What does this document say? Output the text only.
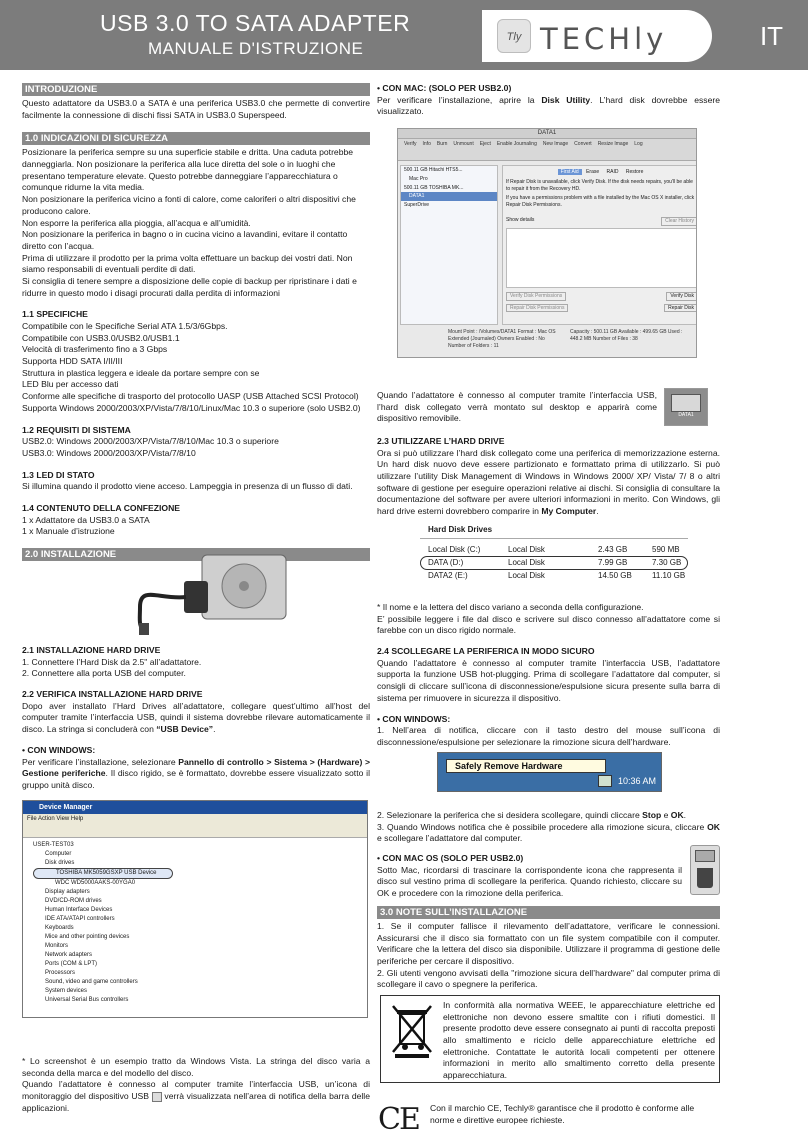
USB 3.0 TO SATA ADAPTER
MANUALE D'ISTRUZIONE
Tly TECHly	IT
INTRODUZIONE
Questo adattatore da USB3.0 a SATA è una periferica USB3.0 che permette di convertire facilmente la connessione di dischi fissi SATA in USB3.0 Superspeed.
1.0 INDICAZIONI DI SICUREZZA
Posizionare la periferica sempre su una superficie stabile e dritta. Una caduta potrebbe danneggiarla. Non posizionare la periferica alla luce diretta del sole o in luoghi che presentano temperature elevate. Questo potrebbe danneggiare l’apparecchiatura o comunque ridurne la vita media.
Non posizionare la periferica vicino a fonti di calore, come caloriferi o altri dispositivi che producono calore.
Non esporre la periferica alla pioggia, all’acqua e all’umidità.
Non posizionare la periferica in bagno o in cucina vicino a lavandini, evitare il contatto diretto con l’acqua.
Prima di utilizzare il prodotto per la prima volta effettuare un backup dei vostri dati. Non siamo responsabili di eventuali perdite di dati.
Si consiglia di tenere sempre a disposizione delle copie di backup per ripristinare i dati e ridurre in questo modo i disagi procurati dalla perdita di informazioni
1.1 SPECIFICHE
Compatibile con le Specifiche Serial ATA 1.5/3/6Gbps.
Compatibile con USB3.0/USB2.0/USB1.1
Velocità di trasferimento fino a 3 Gbps
Supporta HDD SATA I/II/III
Struttura in plastica leggera e ideale da portare sempre con se
LED Blu per accesso dati
Conforme alle specifiche di trasporto del protocollo UASP (USB Attached SCSI Protocol)
Supporta Windows 2000/2003/XP/Vista/7/8/10/Linux/Mac 10.3 o superiore (solo USB2.0)
1.2 REQUISITI DI SISTEMA
USB2.0: Windows 2000/2003/XP/Vista/7/8/10/Mac 10.3 o superiore
USB3.0: Windows 2000/2003/XP/Vista/7/8/10
1.3 LED DI STATO
Si illumina quando il prodotto viene acceso. Lampeggia in presenza di un flusso di dati.
1.4 CONTENUTO DELLA CONFEZIONE
1 x Adattatore da USB3.0 a SATA
1 x Manuale d’istruzione
2.0 INSTALLAZIONE
2.1 INSTALLAZIONE HARD DRIVE
1. Connettere l’Hard Disk da 2.5" all’adattatore.
2. Connettere alla porta USB del computer.
2.2 VERIFICA INSTALLAZIONE HARD DRIVE
Dopo aver installato l’Hard Drives all’adattatore, collegare quest’ultimo all’host del computer tramite l’interfaccia USB, quindi il sistema dovrebbe rilevare automaticamente il disco. La stringa si concluderà con “USB Device”.
• CON WINDOWS:
Per verificare l’installazione, selezionare Pannello di controllo > Sistema > (Hardware) > Gestione periferiche. Il disco rigido, se è formattato, dovrebbe essere visualizzato sotto il gruppo unità disco.
Device Manager
File Action View Help
USER-TEST03
Computer
Disk drives
TOSHIBA MK5059GSXP USB Device
WDC WD5000AAKS-00YGA0
Display adapters
DVD/CD-ROM drives
Human Interface Devices
IDE ATA/ATAPI controllers
Keyboards
Mice and other pointing devices
Monitors
Network adapters
Ports (COM & LPT)
Processors
Sound, video and game controllers
System devices
Universal Serial Bus controllers
* Lo screenshot è un esempio tratto da Windows Vista. La stringa del disco varia a seconda della marca e del modello del disco.
Quando l’adattatore è connesso al computer tramite l’interfaccia USB, un’icona di monitoraggio del dispositivo USB  verrà visualizzata nell’area di notifica della barra delle applicazioni.
• CON MAC: (SOLO PER USB2.0)
Per verificare l’installazione, aprire la Disk Utility. L’hard disk dovrebbe essere visualizzato.
DATA1
Verify Info Burn Unmount Eject Enable Journaling New Image Convert Resize Image Log
500.11 GB Hitachi HTS5...
Mac Pro
500.11 GB TOSHIBA MK...
DATA1
SuperDrive
First Aid Erase RAID Restore
If Repair Disk is unavailable, click Verify Disk. If the disk needs repairs, you'll be able to repair it from the Recovery HD.
If you have a permissions problem with a file installed by the Mac OS X installer, click Repair Disk Permissions.
Show details	Clear History
Verify Disk Permissions	Verify Disk
Repair Disk Permissions	Repair Disk
Mount Point : /Volumes/DATA1 Format : Mac OS Extended (Journaled) Owners Enabled : No Number of Folders : 11
Capacity : 500.11 GB Available : 499.65 GB Used : 448.2 MB Number of Files : 38
Quando l’adattatore è connesso al computer tramite l’interfaccia USB, l’hard disk collegato verrà montato sul desktop e apparirà come dispositivo removibile.	DATA1
2.3 UTILIZZARE L’HARD DRIVE
Ora si può utilizzare l’hard disk collegato come una periferica di memorizzazione esterna. Un hard disk nuovo deve essere partizionato e formattato prima di utilizzarlo. Si può utilizzare l’utility Disk Management di Windows in Windows 2000/ XP/ Vista/ 7/ 8 o altri software di gestione per eseguire operazioni relative ai dischi. Si consiglia di consultare la documentazione del software per avere ulteriori informazioni in merito. Con Windows, gli hard drive esterni dovrebbero comparire in My Computer.
Hard Disk Drives
Local Disk (C:)	Local Disk	2.43 GB	590 MB
DATA (D:)	Local Disk	7.99 GB	7.30 GB
DATA2 (E:)	Local Disk	14.50 GB	11.10 GB
* Il nome e la lettera del disco variano a seconda della configurazione.
E’ possibile leggere i file dal disco e scrivere sul disco connesso all’adattatore come si farebbe con un disco rigido normale.
2.4 SCOLLEGARE LA PERIFERICA IN MODO SICURO
Quando l’adattatore è connesso al computer tramite l’interfaccia USB, l’adattatore supporta la funzione USB hot-plugging. Prima di scollegare l’adattatore dal computer, si consigli di cliccare sull’icona di disconnessione/espulsione sicura presente sulla barra di sistema per rimuovere in sicurezza il dispositivo.
• CON WINDOWS:
1. Nell’area di notifica, cliccare con il tasto destro del mouse sull’icona di disconnessione/espulsione per selezionare la rimozione sicura dell’hardware.
Safely Remove Hardware
10:36 AM
2. Selezionare la periferica che si desidera scollegare, quindi cliccare Stop e OK.
3. Quando Windows notifica che è possibile procedere alla rimozione sicura, cliccare OK e scollegare l’adattatore dal computer.
• CON MAC OS (SOLO PER USB2.0)
Sotto Mac, ricordarsi di trascinare la corrispondente icona che rappresenta il disco sul vestino prima di scollegare la periferica. Quando richiesto, cliccare su OK e procedere con la rimozione della periferica.
3.0 NOTE SULL’INSTALLAZIONE
1. Se il computer fallisce il rilevamento dell’adattatore, verificare le connessioni. Assicurarsi che il disco sia formattato con un file system compatibile con il computer. Verificare che la lettera del disco sia disponibile. Utilizzare il programma di gestione delle periferiche per cercare il dispositivo.
2. Gli utenti vengono avvisati della "rimozione sicura dell’hardware" dal computer prima di scollegare il cavo o spegnere la periferica.
In conformità alla normativa WEEE, le apparecchiature elettriche ed elettroniche non devono essere smaltite con i rifiuti domestici. Il presente prodotto deve essere consegnato ai punti di raccolta preposti allo smaltimento e riciclo delle apparecchiature elettriche ed elettroniche. Contattate le autorità locali competenti per ottenere informazioni in merito allo smaltimento corretto della presente apparecchiatura.
CE Con il marchio CE, Techly® garantisce che il prodotto è conforme alle norme e direttive europee richieste.
